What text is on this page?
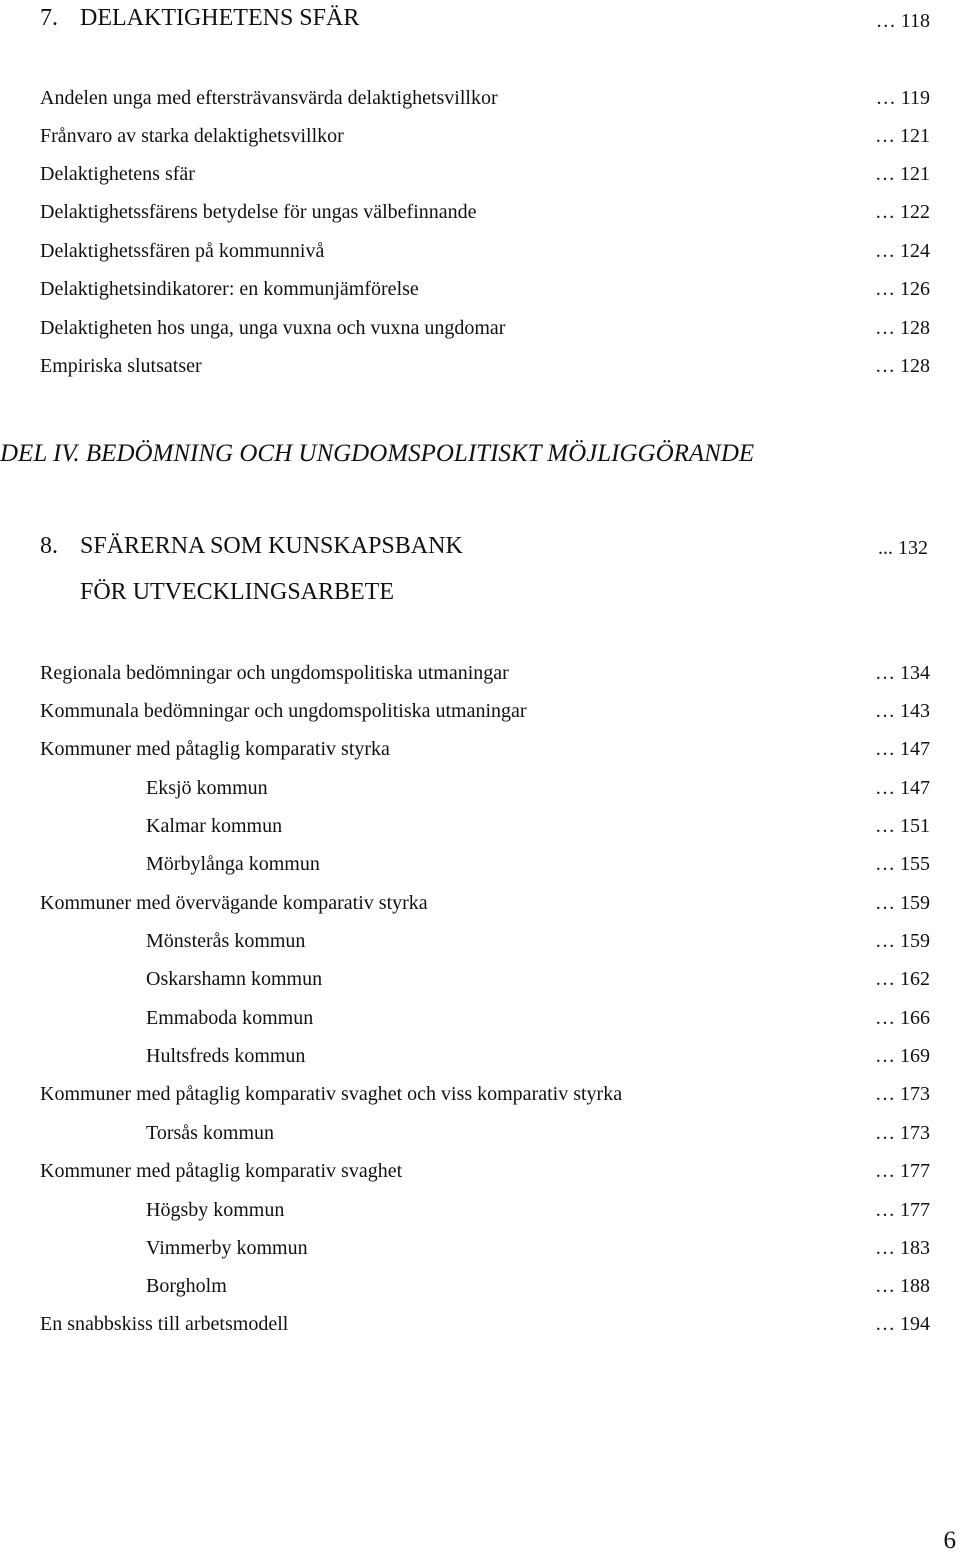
7. DELAKTIGHETENS SFÄR	… 118
Andelen unga med eftersträvansvärda delaktighetsvillkor	… 119
Frånvaro av starka delaktighetsvillkor	… 121
Delaktighetens sfär	… 121
Delaktighetssfärens betydelse för ungas välbefinnande	… 122
Delaktighetssfären på kommunnivå	… 124
Delaktighetsindikatorer: en kommunjämförelse	… 126
Delaktigheten hos unga, unga vuxna och vuxna ungdomar	… 128
Empiriska slutsatser	… 128
DEL IV. BEDÖMNING OCH UNGDOMSPOLITISKT MÖJLIGGÖRANDE
8. SFÄRERNA SOM KUNSKAPSBANK
FÖR UTVECKLINGSARBETE
... 132
Regionala bedömningar och ungdomspolitiska utmaningar	… 134
Kommunala bedömningar och ungdomspolitiska utmaningar	… 143
Kommuner med påtaglig komparativ styrka	… 147
Eksjö kommun	… 147
Kalmar kommun	… 151
Mörbylånga kommun	… 155
Kommuner med övervägande komparativ styrka	… 159
Mönsterås kommun	… 159
Oskarshamn kommun	… 162
Emmaboda kommun	… 166
Hultsfreds kommun	… 169
Kommuner med påtaglig komparativ svaghet och viss komparativ styrka	… 173
Torsås kommun	… 173
Kommuner med påtaglig komparativ svaghet	… 177
Högsby kommun	… 177
Vimmerby kommun	… 183
Borgholm	… 188
En snabbskiss till arbetsmodell	… 194
6
